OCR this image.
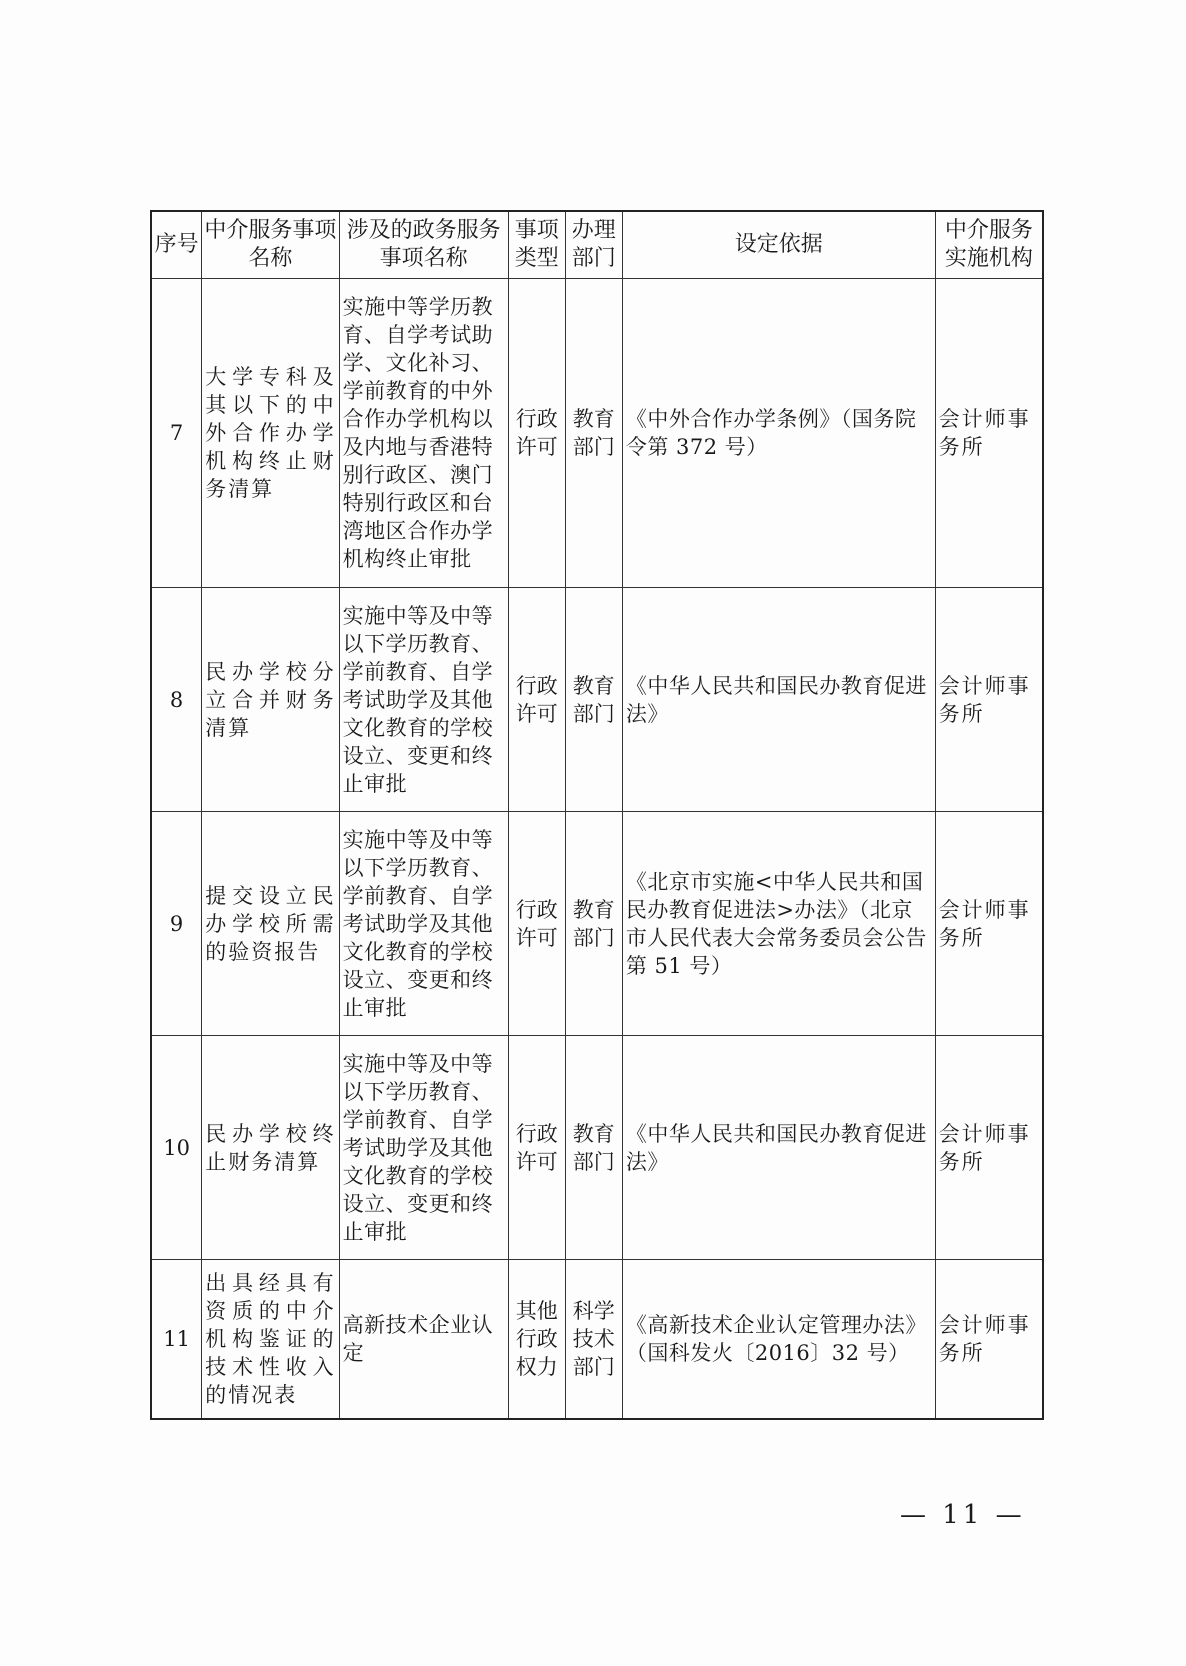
序号	中介服务事项名称	涉及的政务服务事项名称	事项类型	办理部门	设定依据	中介服务实施机构
7	大学专科及其以下的中外合作办学机构终止财务清算	实施中等学历教育、自学考试助学、文化补习、学前教育的中外合作办学机构以及内地与香港特别行政区、澳门特别行政区和台湾地区合作办学机构终止审批	行政许可	教育部门	《中外合作办学条例》（国务院令第 372 号）	会计师事务所
8	民办学校分立合并财务清算	实施中等及中等以下学历教育、学前教育、自学考试助学及其他文化教育的学校设立、变更和终止审批	行政许可	教育部门	《中华人民共和国民办教育促进法》	会计师事务所
9	提交设立民办学校所需的验资报告	实施中等及中等以下学历教育、学前教育、自学考试助学及其他文化教育的学校设立、变更和终止审批	行政许可	教育部门	《北京市实施<中华人民共和国民办教育促进法>办法》（北京市人民代表大会常务委员会公告第 51 号）	会计师事务所
10	民办学校终止财务清算	实施中等及中等以下学历教育、学前教育、自学考试助学及其他文化教育的学校设立、变更和终止审批	行政许可	教育部门	《中华人民共和国民办教育促进法》	会计师事务所
11	出具经具有资质的中介机构鉴证的技术性收入的情况表	高新技术企业认定	其他行政权力	科学技术部门	《高新技术企业认定管理办法》（国科发火〔2016〕32 号）	会计师事务所
— 11 —
